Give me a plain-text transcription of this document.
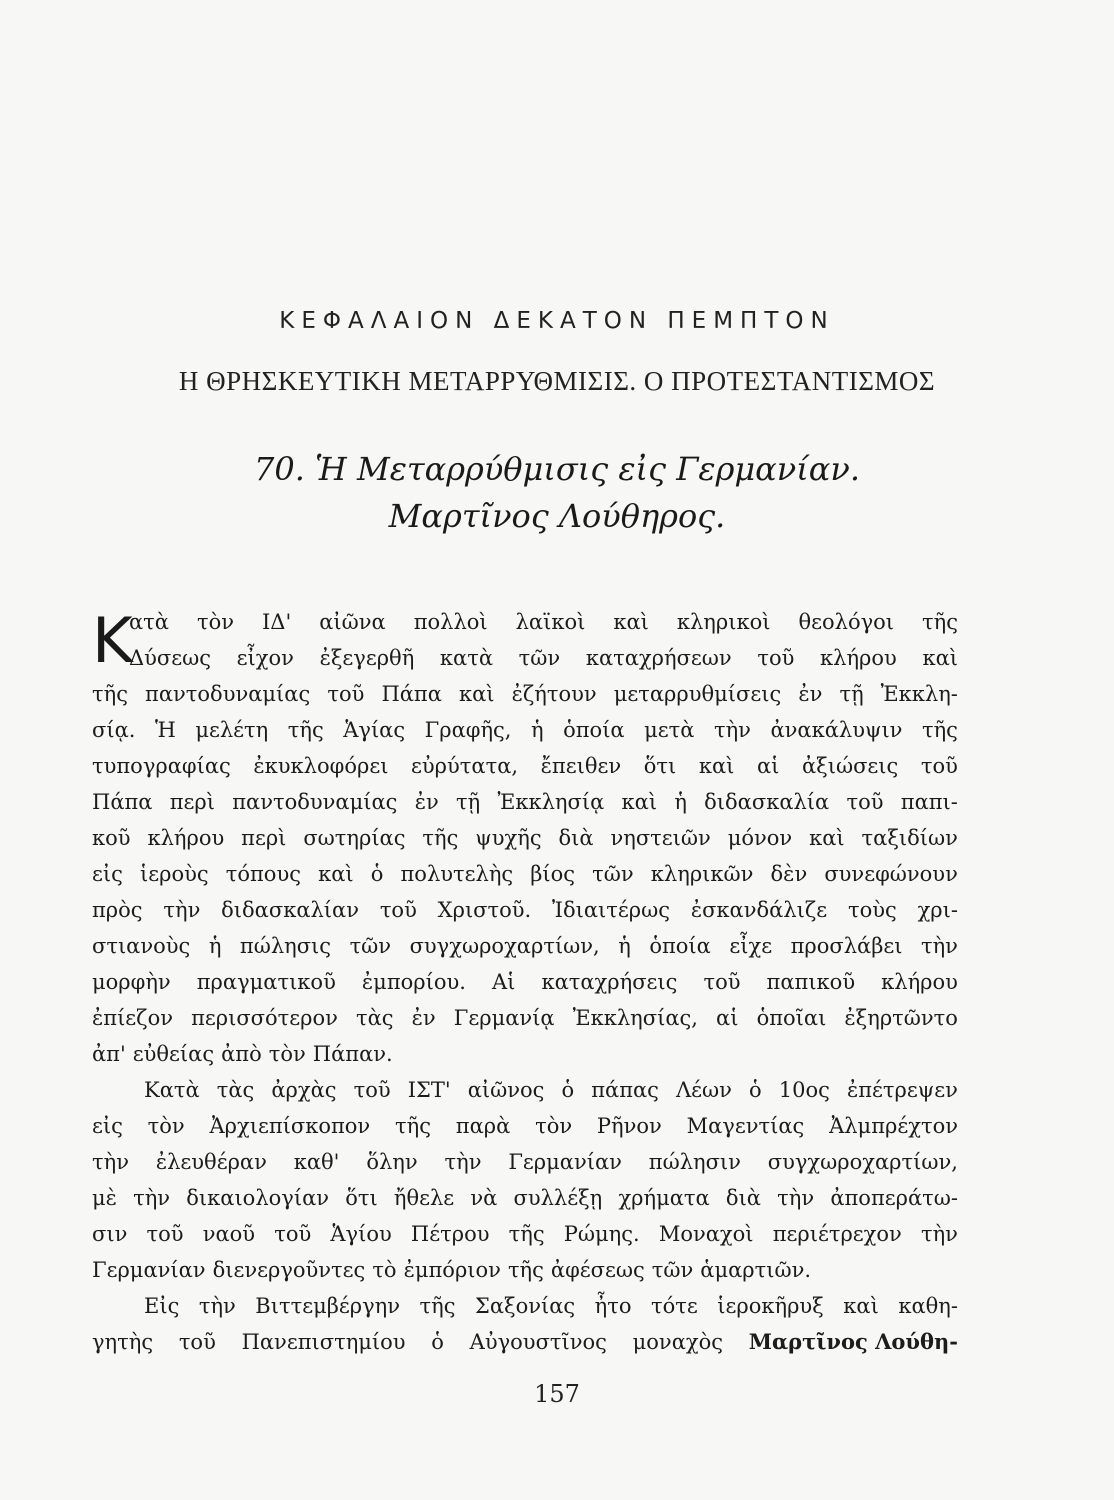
ΚΕΦΑΛΑΙΟΝ ΔΕΚΑΤΟΝ ΠΕΜΠΤΟΝ
Η ΘΡΗΣΚΕΥΤΙΚΗ ΜΕΤΑΡΡΥΘΜΙΣΙΣ. Ο ΠΡΟΤΕΣΤΑΝΤΙΣΜΟΣ
70. Ἡ Μεταρρύθμισις εἰς Γερμανίαν.
Μαρτῖνος Λούθηρος.
Κ
ατὰ τὸν ΙΔ' αἰῶνα πολλοὶ λαϊκοὶ καὶ κληρικοὶ θεολόγοι τῆς
Δύσεως εἶχον ἐξεγερθῆ κατὰ τῶν καταχρήσεων τοῦ κλήρου καὶ
τῆς παντοδυναμίας τοῦ Πάπα καὶ ἐζήτουν μεταρρυθμίσεις ἐν τῇ Ἐκκλη-
σίᾳ. Ἡ μελέτη τῆς Ἁγίας Γραφῆς, ἡ ὁποία μετὰ τὴν ἀνακάλυψιν τῆς
τυπογραφίας ἐκυκλοφόρει εὐρύτατα, ἔπειθεν ὅτι καὶ αἱ ἀξιώσεις τοῦ
Πάπα περὶ παντοδυναμίας ἐν τῇ Ἐκκλησίᾳ καὶ ἡ διδασκαλία τοῦ παπι-
κοῦ κλήρου περὶ σωτηρίας τῆς ψυχῆς διὰ νηστειῶν μόνον καὶ ταξιδίων
εἰς ἱεροὺς τόπους καὶ ὁ πολυτελὴς βίος τῶν κληρικῶν δὲν συνεφώνουν
πρὸς τὴν διδασκαλίαν τοῦ Χριστοῦ. Ἰδιαιτέρως ἐσκανδάλιζε τοὺς χρι-
στιανοὺς ἡ πώλησις τῶν συγχωροχαρτίων, ἡ ὁποία εἶχε προσλάβει τὴν
μορφὴν πραγματικοῦ ἐμπορίου. Αἱ καταχρήσεις τοῦ παπικοῦ κλήρου
ἐπίεζον περισσότερον τὰς ἐν Γερμανίᾳ Ἐκκλησίας, αἱ ὁποῖαι ἐξηρτῶντο
ἀπ' εὐθείας ἀπὸ τὸν Πάπαν.
Κατὰ τὰς ἀρχὰς τοῦ ΙΣΤ' αἰῶνος ὁ πάπας Λέων ὁ 10ος ἐπέτρεψεν
εἰς τὸν Ἀρχιεπίσκοπον τῆς παρὰ τὸν Ρῆνον Μαγεντίας Ἀλμπρέχτον
τὴν ἐλευθέραν καθ' ὅλην τὴν Γερμανίαν πώλησιν συγχωροχαρτίων,
μὲ τὴν δικαιολογίαν ὅτι ἤθελε νὰ συλλέξῃ χρήματα διὰ τὴν ἀποπεράτω-
σιν τοῦ ναοῦ τοῦ Ἁγίου Πέτρου τῆς Ρώμης. Μοναχοὶ περιέτρεχον τὴν
Γερμανίαν διενεργοῦντες τὸ ἐμπόριον τῆς ἀφέσεως τῶν ἁμαρτιῶν.
Εἰς τὴν Βιττεμβέργην τῆς Σαξονίας ἦτο τότε ἱεροκῆρυξ καὶ καθη-
γητὴς τοῦ Πανεπιστημίου ὁ Αὐγουστῖνος μοναχὸς Μαρτῖνος Λούθη-
157
